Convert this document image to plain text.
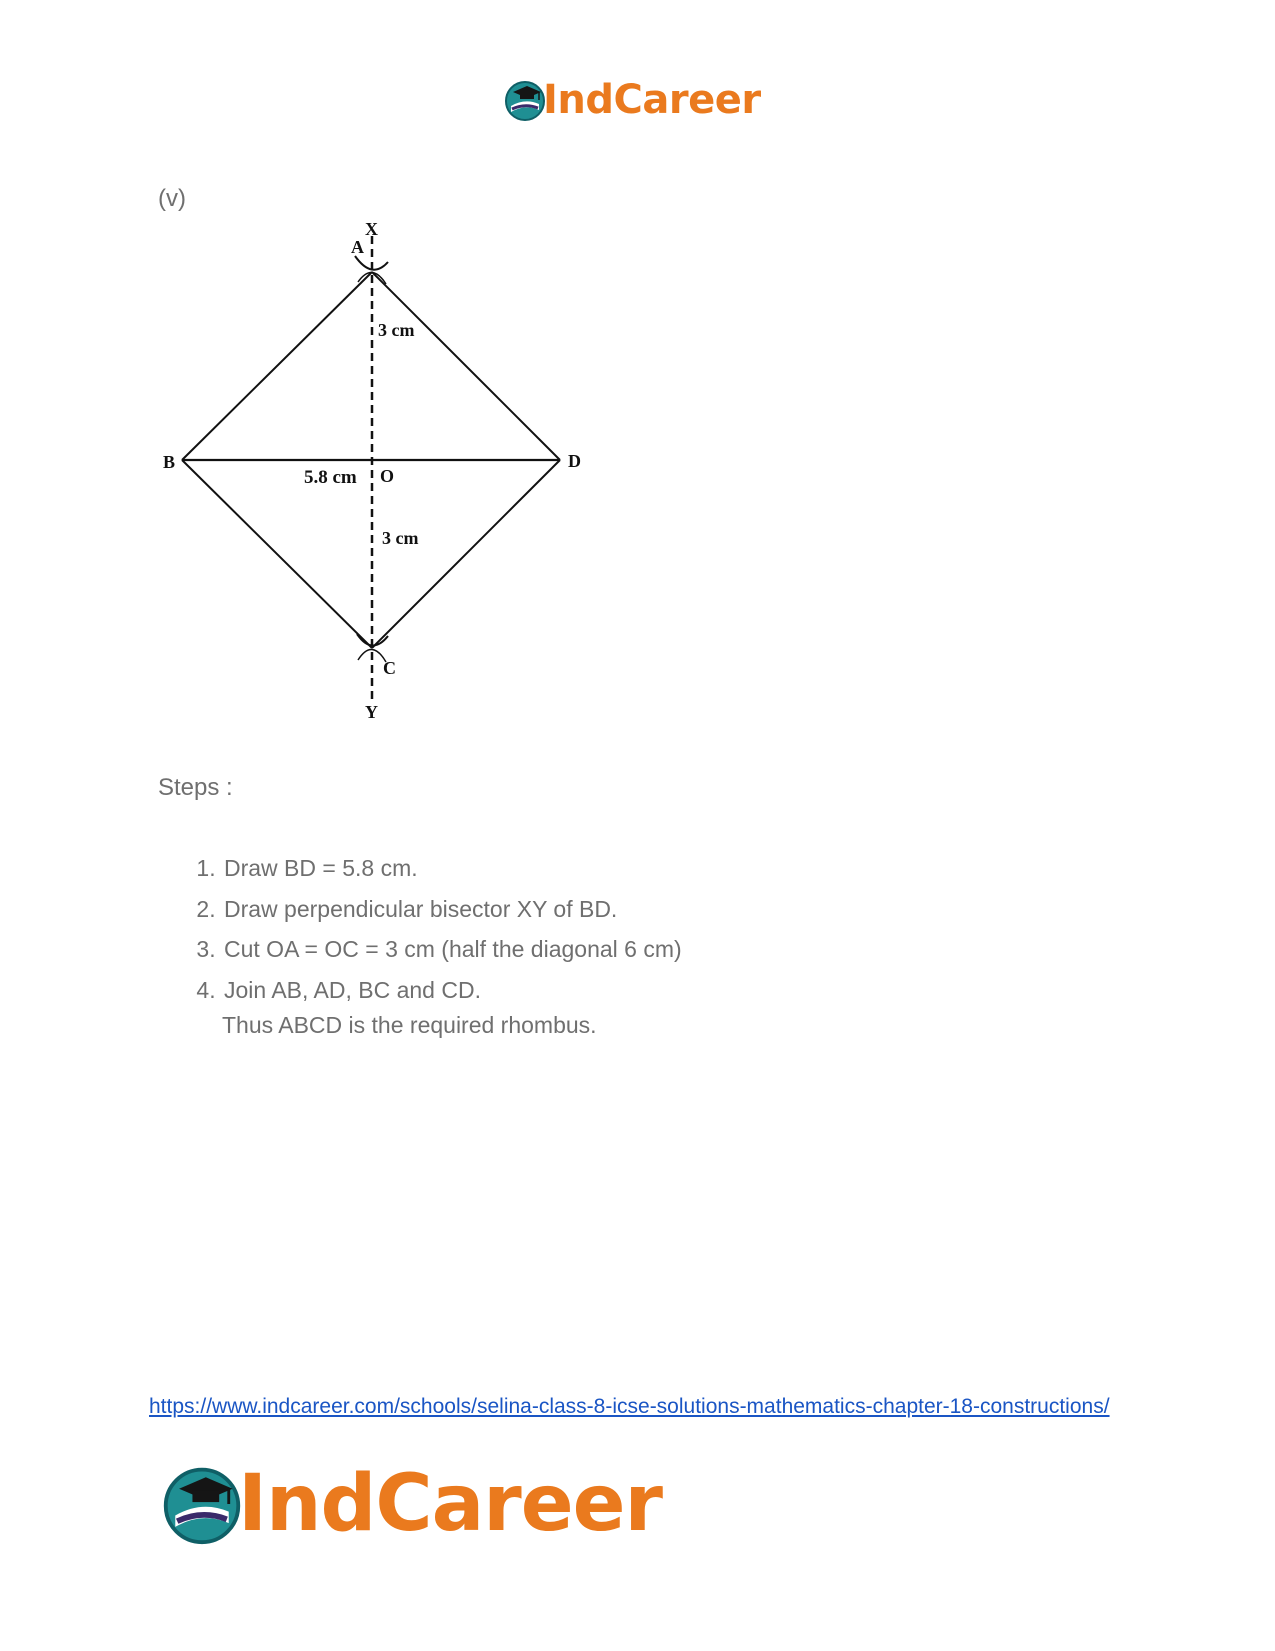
IndCareer
(v)
X
A
B	D
O
C
Y
3 cm
5.8 cm
3 cm
Steps :
1. Draw BD = 5.8 cm.
2. Draw perpendicular bisector XY of BD.
3. Cut OA = OC = 3 cm (half the diagonal 6 cm)
4. Join AB, AD, BC and CD.
Thus ABCD is the required rhombus.
https://www.indcareer.com/schools/selina-class-8-icse-solutions-mathematics-chapter-18-constructions/
IndCareer
